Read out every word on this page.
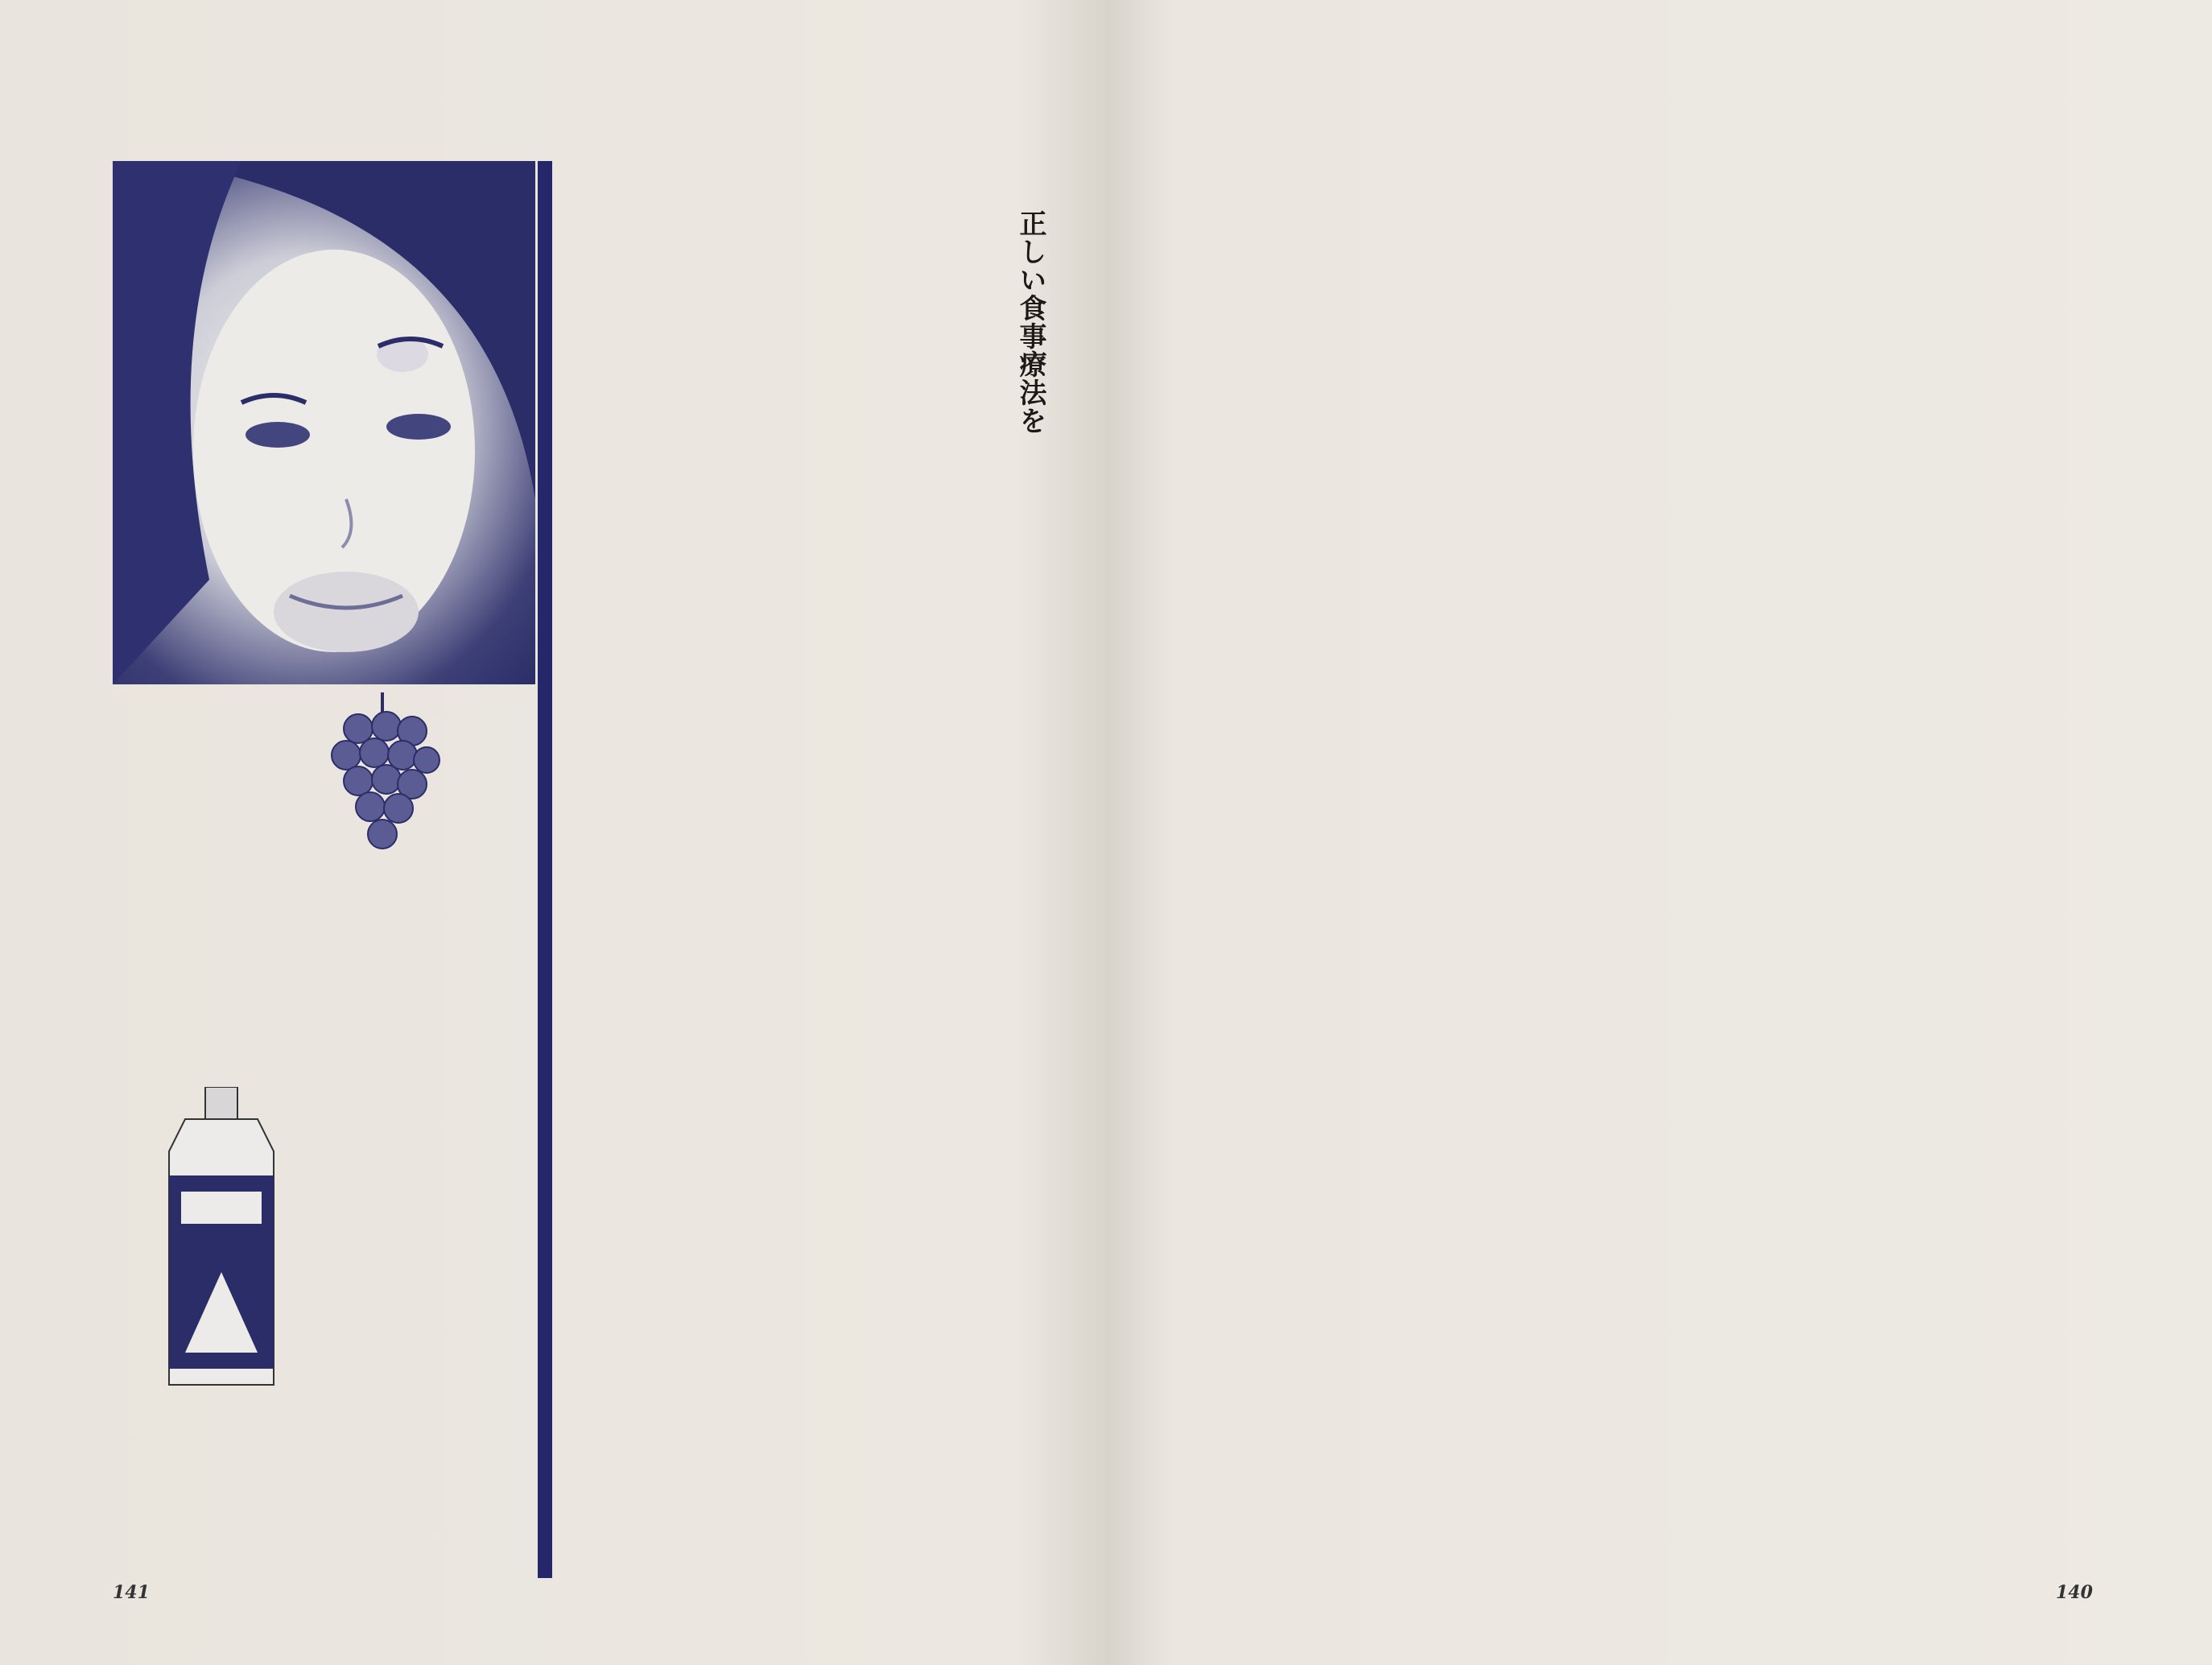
正しい食事療法を
141	140
